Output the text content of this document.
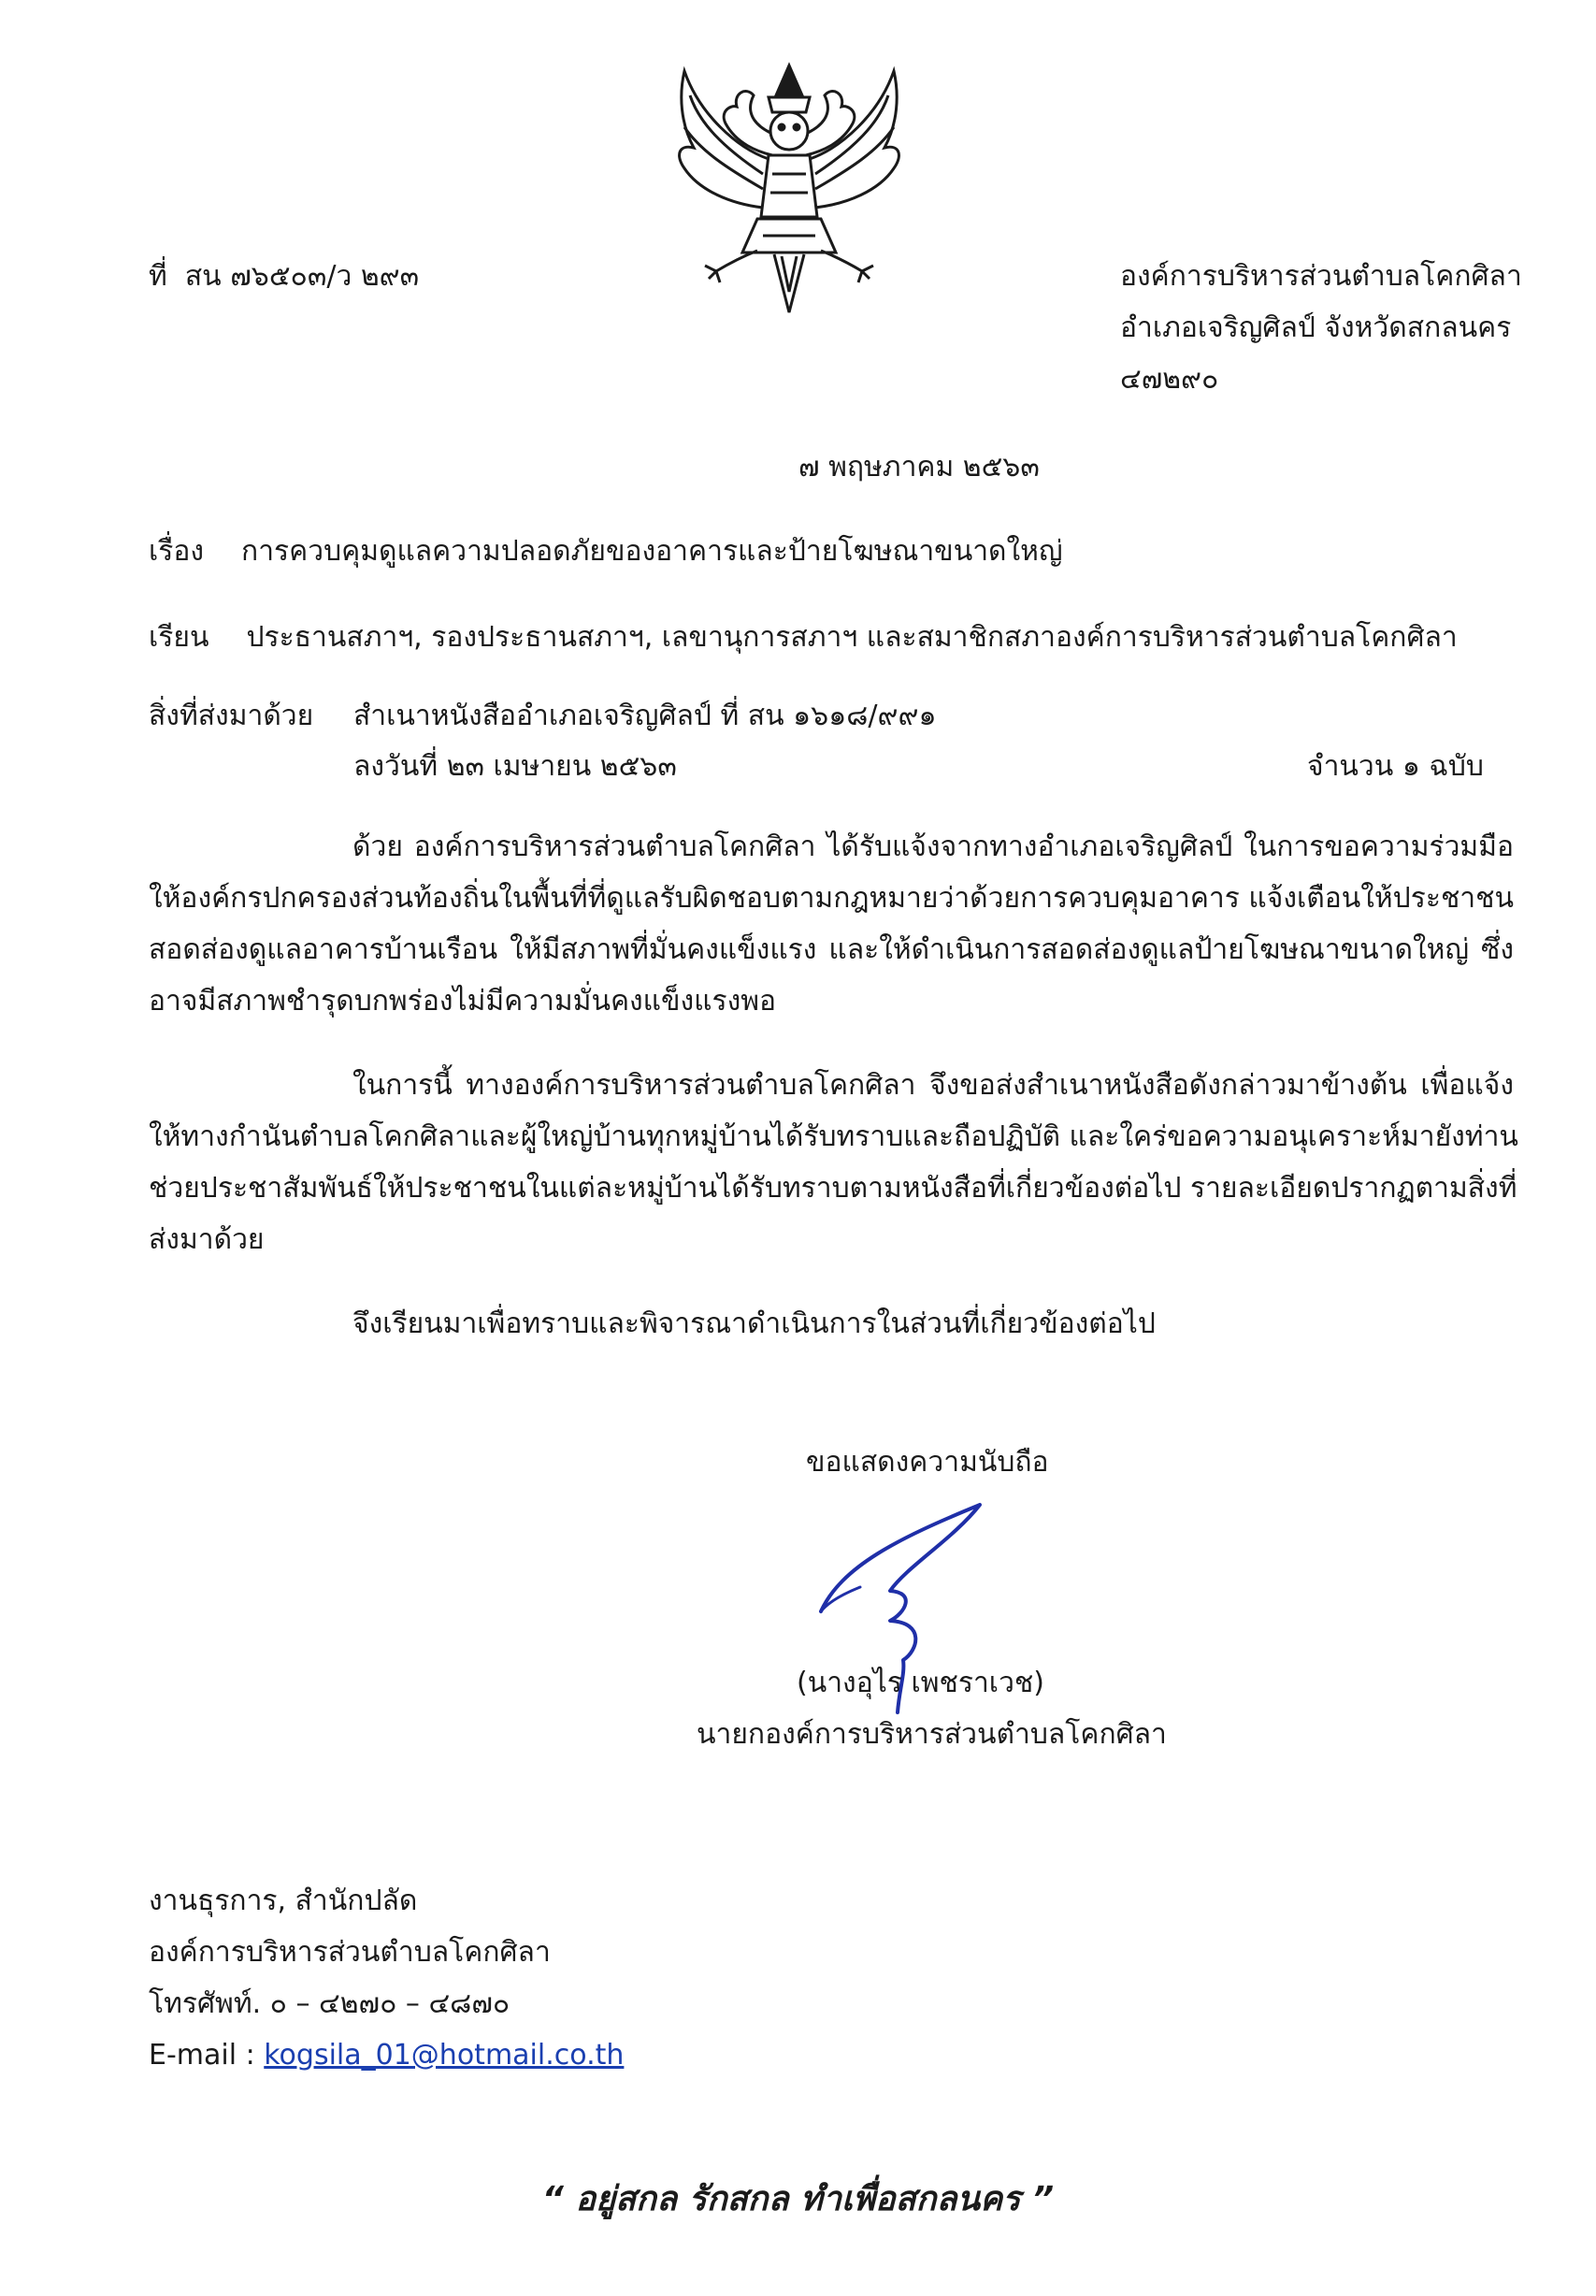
ที่ สน ๗๖๕๐๓/ว ๒๙๓	องค์การบริหารส่วนตำบลโคกศิลา
อำเภอเจริญศิลป์ จังหวัดสกลนคร
๔๗๒๙๐
๗ พฤษภาคม ๒๕๖๓
เรื่อง การควบคุมดูแลความปลอดภัยของอาคารและป้ายโฆษณาขนาดใหญ่
เรียน ประธานสภาฯ, รองประธานสภาฯ, เลขานุการสภาฯ และสมาชิกสภาองค์การบริหารส่วนตำบลโคกศิลา
สิ่งที่ส่งมาด้วย สำเนาหนังสืออำเภอเจริญศิลป์ ที่ สน ๑๖๑๘/๙๙๑
ลงวันที่ ๒๓ เมษายน ๒๕๖๓	จำนวน ๑ ฉบับ
ด้วย องค์การบริหารส่วนตำบลโคกศิลา ได้รับแจ้งจากทางอำเภอเจริญศิลป์ ในการขอความร่วมมือ
ให้องค์กรปกครองส่วนท้องถิ่นในพื้นที่ที่ดูแลรับผิดชอบตามกฎหมายว่าด้วยการควบคุมอาคาร แจ้งเตือนให้ประชาชน
สอดส่องดูแลอาคารบ้านเรือน ให้มีสภาพที่มั่นคงแข็งแรง และให้ดำเนินการสอดส่องดูแลป้ายโฆษณาขนาดใหญ่ ซึ่ง
อาจมีสภาพชำรุดบกพร่องไม่มีความมั่นคงแข็งแรงพอ
ในการนี้ ทางองค์การบริหารส่วนตำบลโคกศิลา จึงขอส่งสำเนาหนังสือดังกล่าวมาข้างต้น เพื่อแจ้ง
ให้ทางกำนันตำบลโคกศิลาและผู้ใหญ่บ้านทุกหมู่บ้านได้รับทราบและถือปฏิบัติ และใคร่ขอความอนุเคราะห์มายังท่าน
ช่วยประชาสัมพันธ์ให้ประชาชนในแต่ละหมู่บ้านได้รับทราบตามหนังสือที่เกี่ยวข้องต่อไป รายละเอียดปรากฏตามสิ่งที่
ส่งมาด้วย
จึงเรียนมาเพื่อทราบและพิจารณาดำเนินการในส่วนที่เกี่ยวข้องต่อไป
ขอแสดงความนับถือ
(นางอุไร เพชราเวช)
นายกองค์การบริหารส่วนตำบลโคกศิลา
งานธุรการ, สำนักปลัด
องค์การบริหารส่วนตำบลโคกศิลา
โทรศัพท์. ๐ – ๔๒๗๐ – ๔๘๗๐
E-mail : kogsila_01@hotmail.co.th
“ อยู่สกล รักสกล ทำเพื่อสกลนคร ”
